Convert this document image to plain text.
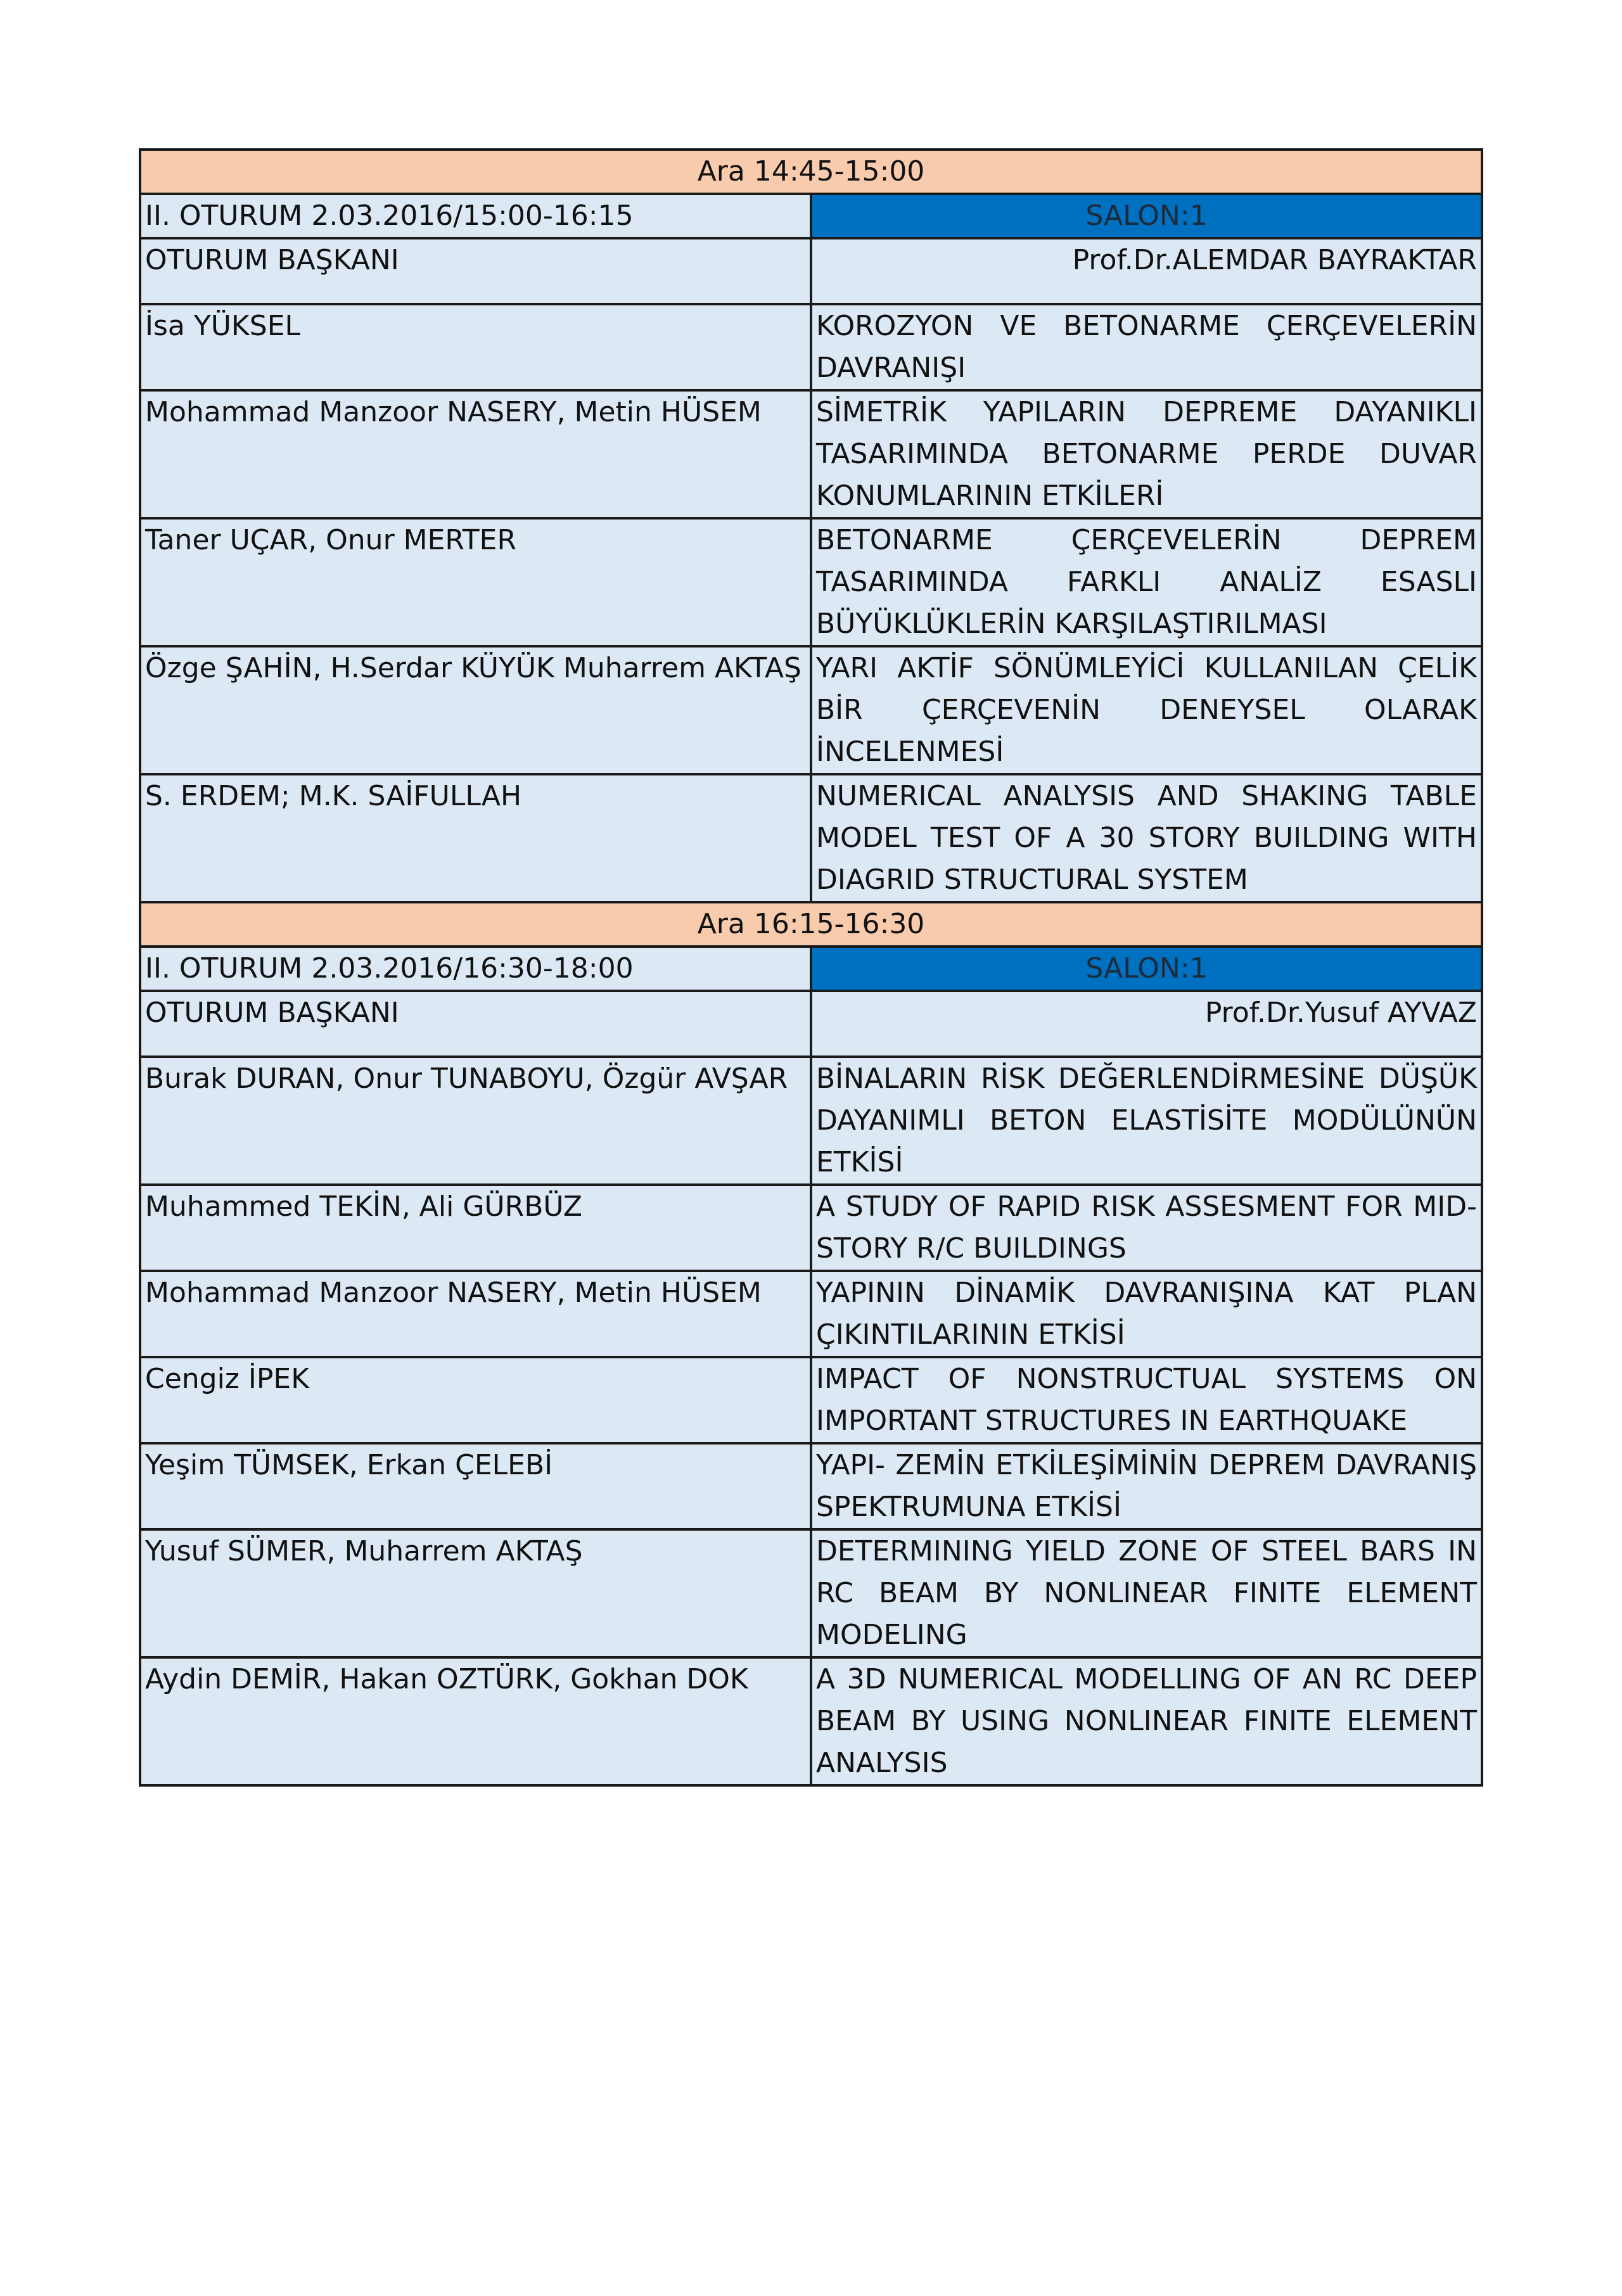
Ara 14:45-15:00	
II. OTURUM 2.03.2016/15:00-16:15	SALON:1
OTURUM BAŞKANI	Prof.Dr.ALEMDAR BAYRAKTAR
İsa YÜKSEL	KOROZYON VE BETONARME ÇERÇEVELERİN DAVRANIŞI
Mohammad Manzoor NASERY, Metin HÜSEM	SİMETRİK YAPILARIN DEPREME DAYANIKLI TASARIMINDA BETONARME PERDE DUVAR KONUMLARININ ETKİLERİ
Taner UÇAR, Onur MERTER	BETONARME ÇERÇEVELERİN DEPREM TASARIMINDA FARKLI ANALİZ ESASLI BÜYÜKLÜKLERİN KARŞILAŞTIRILMASI
Özge ŞAHİN, H.Serdar KÜYÜK Muharrem AKTAŞ	YARI AKTİF SÖNÜMLEYİCİ KULLANILAN ÇELİK BİR ÇERÇEVENİN DENEYSEL OLARAK İNCELENMESİ
S. ERDEM; M.K. SAİFULLAH	NUMERICAL ANALYSIS AND SHAKING TABLE MODEL TEST OF A 30 STORY BUILDING WITH DIAGRID STRUCTURAL SYSTEM
Ara 16:15-16:30	
II. OTURUM 2.03.2016/16:30-18:00	SALON:1
OTURUM BAŞKANI	Prof.Dr.Yusuf AYVAZ
Burak DURAN, Onur TUNABOYU, Özgür AVŞAR	BİNALARIN RİSK DEĞERLENDİRMESİNE DÜŞÜK DAYANIMLI BETON ELASTİSİTE MODÜLÜNÜN ETKİSİ
Muhammed TEKİN, Ali GÜRBÜZ	A STUDY OF RAPID RISK ASSESMENT FOR MID-STORY R/C BUILDINGS
Mohammad Manzoor NASERY, Metin HÜSEM	YAPININ DİNAMİK DAVRANIŞINA KAT PLAN ÇIKINTILARININ ETKİSİ
Cengiz İPEK	IMPACT OF NONSTRUCTUAL SYSTEMS ON IMPORTANT STRUCTURES IN EARTHQUAKE
Yeşim TÜMSEK, Erkan ÇELEBİ	YAPI- ZEMİN ETKİLEŞİMİNİN DEPREM DAVRANIŞ SPEKTRUMUNA ETKİSİ
Yusuf SÜMER, Muharrem AKTAŞ	DETERMINING YIELD ZONE OF STEEL BARS IN RC BEAM BY NONLINEAR FINITE ELEMENT MODELING
Aydin DEMİR, Hakan OZTÜRK, Gokhan DOK	A 3D NUMERICAL MODELLING OF AN RC DEEP BEAM BY USING NONLINEAR FINITE ELEMENT ANALYSIS
